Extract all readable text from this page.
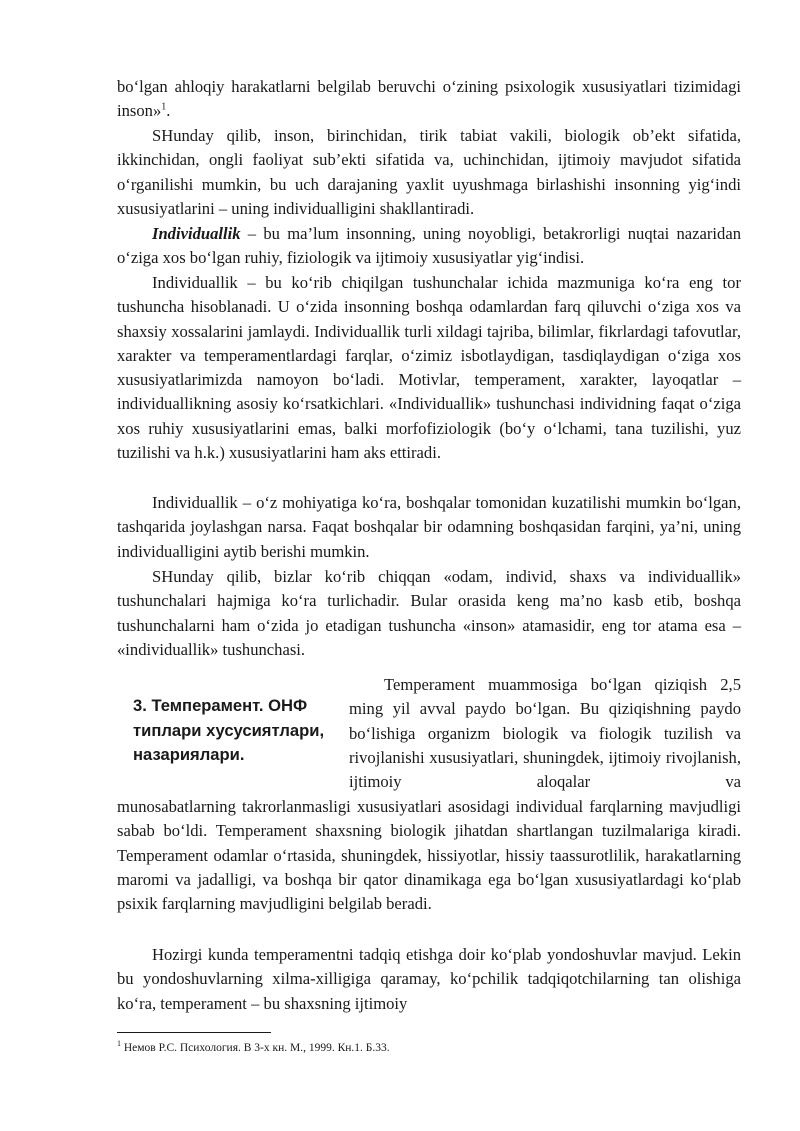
bo‘lgan ahloqiy harakatlarni belgilab beruvchi o‘zining psixologik xususiyatlari tizimidagi inson»$^1$.

SHunday qilib, inson, birinchidan, tirik tabiat vakili, biologik ob’ekt sifatida, ikkinchidan, ongli faoliyat sub’ekti sifatida va, uchinchidan, ijtimoiy mavjudot sifatida o‘rganilishi mumkin, bu uch darajaning yaxlit uyushmaga birlashishi insonning yig‘indi xususiyatlarini – uning individualligini shakllantiradi.

Individuallik – bu ma’lum insonning, uning noyobligi, betakrorligi nuqtai nazaridan o‘ziga xos bo‘lgan ruhiy, fiziologik va ijtimoiy xususiyatlar yig‘indisi.

Individuallik – bu ko‘rib chiqilgan tushunchalar ichida mazmuniga ko‘ra eng tor tushuncha hisoblanadi. U o‘zida insonning boshqa odamlardan farq qiluvchi o‘ziga xos va shaxsiy xossalarini jamlaydi. Individuallik turli xildagi tajriba, bilimlar, fikrlardagi tafovutlar, xarakter va temperamentlardagi farqlar, o‘zimiz isbotlaydigan, tasdiqlaydigan o‘ziga xos xususiyatlarimizda namoyon bo‘ladi. Motivlar, temperament, xarakter, layoqatlar – individuallikning asosiy ko‘rsatkichlari. «Individuallik» tushunchasi individning faqat o‘ziga xos ruhiy xususiyatlarini emas, balki morfofiziologik (bo‘y o‘lchami, tana tuzilishi, yuz tuzilishi va h.k.) xususiyatlarini ham aks ettiradi.

Individuallik – o‘z mohiyatiga ko‘ra, boshqalar tomonidan kuzatilishi mumkin bo‘lgan, tashqarida joylashgan narsa. Faqat boshqalar bir odamning boshqasidan farqini, ya’ni, uning individualligini aytib berishi mumkin.

SHunday qilib, bizlar ko‘rib chiqqan «odam, individ, shaxs va individuallik» tushunchalari hajmiga ko‘ra turlichadir. Bular orasida keng ma’no kasb etib, boshqa tushunchalarni ham o‘zida jo etadigan tushuncha «inson» atamasidir, eng tor atama esa – «individuallik» tushunchasi.

3. Темперамент. ОНФ типлари хусусиятлари, назариялари.

Temperament muammosiga bo‘lgan qiziqish 2,5 ming yil avval paydo bo‘lgan. Bu qiziqishning paydo bo‘lishiga organizm biologik va fiologik tuzilish va rivojlanishi xususiyatlari, shuningdek, ijtimoiy rivojlanish, ijtimoiy aloqalar va

munosabatlarning takrorlanmasligi xususiyatlari asosidagi individual farqlarning mavjudligi sabab bo‘ldi. Temperament shaxsning biologik jihatdan shartlangan tuzilmalariga kiradi. Temperament odamlar o‘rtasida, shuningdek, hissiyotlar, hissiy taassurotlilik, harakatlarning maromi va jadalligi, va boshqa bir qator dinamikaga ega bo‘lgan xususiyatlardagi ko‘plab psixik farqlarning mavjudligini belgilab beradi.

Hozirgi kunda temperamentni tadqiq etishga doir ko‘plab yondoshuvlar mavjud. Lekin bu yondoshuvlarning xilma-xilligiga qaramay, ko‘pchilik tadqiqotchilarning tan olishiga ko‘ra, temperament – bu shaxsning ijtimoiy

$^1$ Немов Р.С. Психология. В 3-х кн. М., 1999. Кн.1. Б.33.
